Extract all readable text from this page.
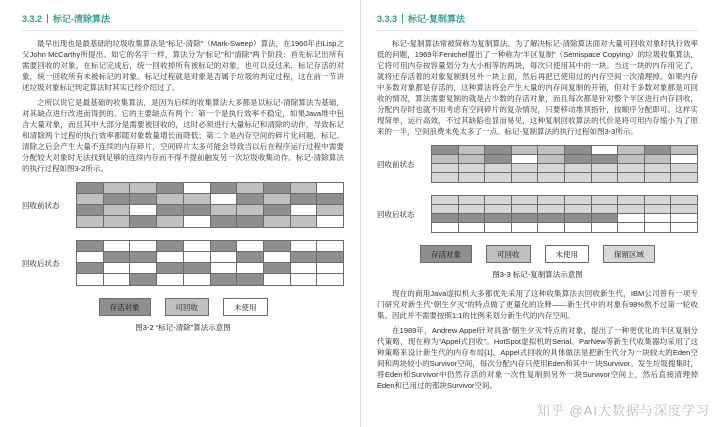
3.3.2 标记-清除算法

最早出现也是最基础的垃圾收集算法是“标记-清除”（Mark-Sweep）算法，在1960年由Lisp之父John McCarthy所提出。如它的名字一样，算法分为“标记”和“清除”两个阶段：首先标记出所有需要回收的对象，在标记完成后，统一回收掉所有被标记的对象，也可以反过来，标记存活的对象，统一回收所有未被标记的对象。标记过程就是对象是否属于垃圾的判定过程，这在前一节讲述垃圾对象标记判定算法时其实已经介绍过了。

之所以说它是最基础的收集算法，是因为后续的收集算法大多都是以标记-清除算法为基础，对其缺点进行改进而得到的。它的主要缺点有两个：第一个是执行效率不稳定，如果Java堆中包含大量对象，而且其中大部分是需要被回收的，这时必须进行大量标记和清除的动作，导致标记和清除两个过程的执行效率都随对象数量增长而降低；第二个是内存空间的碎片化问题，标记、清除之后会产生大量不连续的内存碎片，空间碎片太多可能会导致当以后在程序运行过程中需要分配较大对象时无法找到足够的连续内存而不得不提前触发另一次垃圾收集动作。标记-清除算法的执行过程如图3-2所示。

回收前状态
回收后状态
存活对象	可回收	未使用
图3-2 “标记-清除”算法示意图
3.3.3 标记-复制算法

标记-复制算法常被简称为复制算法。为了解决标记-清除算法面对大量可回收对象时执行效率低的问题，1969年Fenichel提出了一种称为“半区复制”（Semispace Copying）的垃圾收集算法，它将可用内存按容量划分为大小相等的两块，每次只使用其中的一块。当这一块的内存用完了，就将还存活着的对象复制到另外一块上面，然后再把已使用过的内存空间一次清理掉。如果内存中多数对象都是存活的，这种算法将会产生大量的内存间复制的开销，但对于多数对象都是可回收的情况，算法需要复制的就是占少数的存活对象，而且每次都是针对整个半区进行内存回收，分配内存时也就不用考虑有空间碎片的复杂情况，只要移动堆顶指针，按顺序分配即可。这样实现简单，运行高效，不过其缺陷也显而易见，这种复制回收算法的代价是将可用内存缩小为了原来的一半，空间浪费未免太多了一点。标记-复制算法的执行过程如图3-3所示。

回收前状态
回收后状态
存活对象	可回收	未使用	保留区域
图3-3 标记-复制算法示意图

现在的商用Java虚拟机大多都优先采用了这种收集算法去回收新生代，IBM公司曾有一项专门研究对新生代“朝生夕灭”的特点做了更量化的诠释——新生代中的对象有98%熬不过第一轮收集。因此并不需要按照1:1的比例来划分新生代的内存空间。

在1989年，Andrew Appel针对具备“朝生夕灭”特点的对象，提出了一种更优化的半区复制分代策略，现在称为“Appel式回收”。HotSpot虚拟机的Serial、ParNew等新生代收集器均采用了这种策略来设计新生代的内存布局[1]。Appel式回收的具体做法是把新生代分为一块较大的Eden空间和两块较小的Survivor空间，每次分配内存只使用Eden和其中一块Survivor。发生垃圾搜集时，将Eden和Survivor中仍然存活的对象一次性复制到另外一块Survivor空间上，然后直接清理掉Eden和已用过的那块Survivor空间。

知乎 @AI大数据与深度学习
